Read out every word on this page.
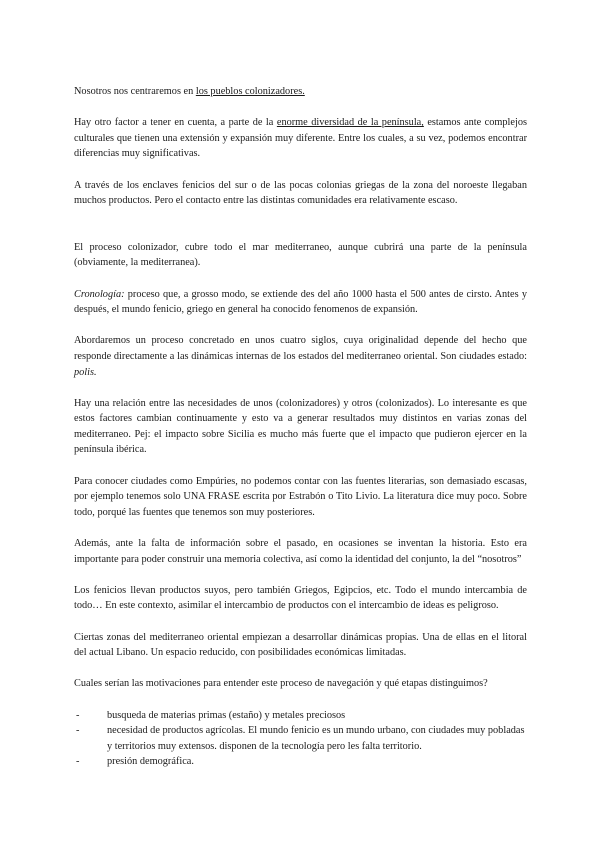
Nosotros nos centraremos en los pueblos colonizadores.

Hay otro factor a tener en cuenta, a parte de la enorme diversidad de la península, estamos ante complejos culturales que tienen una extensión y expansión muy diferente. Entre los cuales, a su vez, podemos encontrar diferencias muy significativas.

A través de los enclaves fenicios del sur o de las pocas colonias griegas de la zona del noroeste llegaban muchos productos. Pero el contacto entre las distintas comunidades era relativamente escaso.

El proceso colonizador, cubre todo el mar mediterraneo, aunque cubrirá una parte de la península (obviamente, la mediterranea).

Cronología: proceso que, a grosso modo, se extiende des del año 1000 hasta el 500 antes de cirsto. Antes y después, el mundo fenicio, griego en general ha conocido fenomenos de expansión.

Abordaremos un proceso concretado en unos cuatro siglos, cuya originalidad depende del hecho que responde directamente a las dinámicas internas de los estados del mediterraneo oriental. Son ciudades estado: polis.

Hay una relación entre las necesidades de unos (colonizadores) y otros (colonizados). Lo interesante es que estos factores cambian continuamente y esto va a generar resultados muy distintos en varias zonas del mediterraneo. Pej: el impacto sobre Sicilia es mucho más fuerte que el impacto que pudieron ejercer en la península ibérica.

Para conocer ciudades como Empúries, no podemos contar con las fuentes literarias, son demasiado escasas, por ejemplo tenemos solo UNA FRASE escrita por Estrabón o Tito Livio. La literatura dice muy poco. Sobre todo, porqué las fuentes que tenemos son muy posteriores.

Además, ante la falta de información sobre el pasado, en ocasiones se inventan la historia. Esto era importante para poder construir una memoria colectiva, así como la identidad del conjunto, la del “nosotros”

Los fenicios llevan productos suyos, pero también Griegos, Egipcios, etc. Todo el mundo intercambia de todo… En este contexto, asimilar el intercambio de productos con el intercambio de ideas es peligroso.

Ciertas zonas del mediterraneo oriental empiezan a desarrollar dinámicas propias. Una de ellas en el litoral del actual Libano. Un espacio reducido, con posibilidades económicas limitadas.

Cuales serían las motivaciones para entender este proceso de navegación y qué etapas distinguimos?

-	busqueda de materias primas (estaño) y metales preciosos
-	necesidad de productos agrícolas. El mundo fenicio es un mundo urbano, con ciudades muy pobladas y territorios muy extensos. disponen de la tecnología pero les falta territorio.
-	presión demográfica.
